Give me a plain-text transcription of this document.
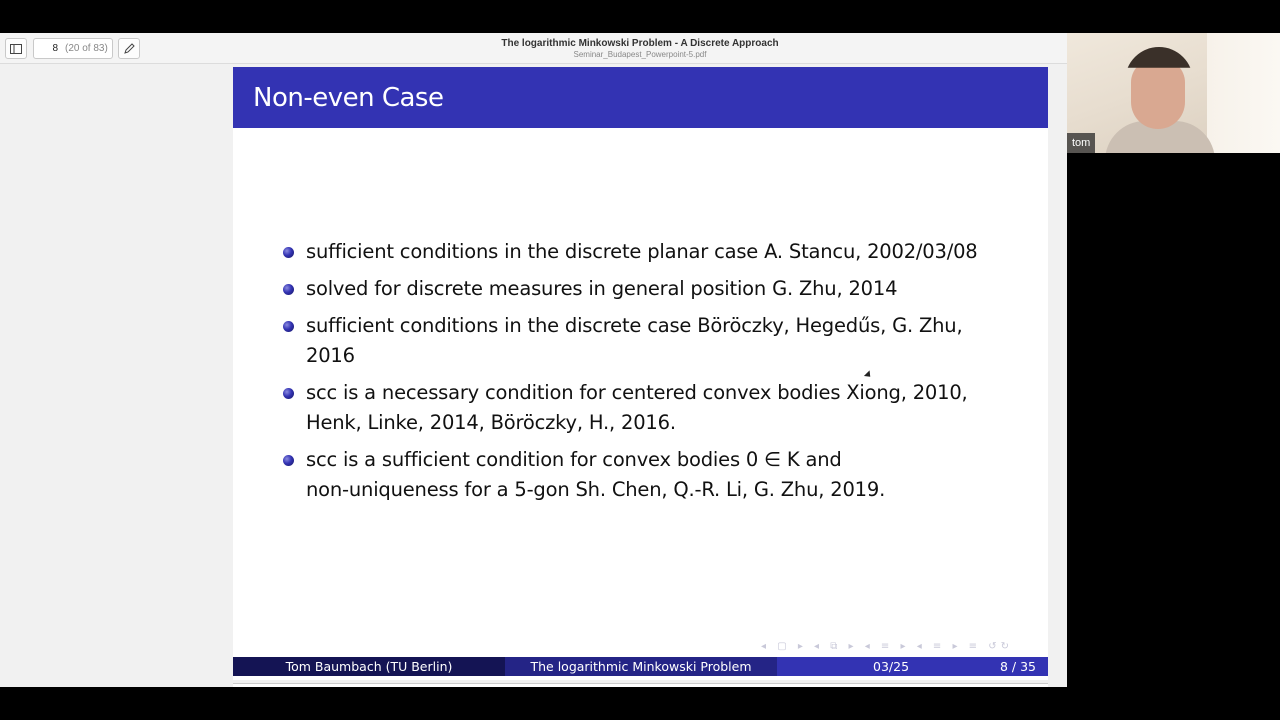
8 (20 of 83)	The logarithmic Minkowski Problem - A Discrete Approach
Seminar_Budapest_Powerpoint-5.pdf
Non-even Case
sufficient conditions in the discrete planar case A. Stancu, 2002/03/08
solved for discrete measures in general position G. Zhu, 2014
sufficient conditions in the discrete case Böröczky, Hegedűs, G. Zhu,
2016
scc is a necessary condition for centered convex bodies Xiong, 2010,
Henk, Linke, 2014, Böröczky, H., 2016.
scc is a sufficient condition for convex bodies 0 ∈ K and
non-uniqueness for a 5-gon Sh. Chen, Q.-R. Li, G. Zhu, 2019.
◂ ▢ ▸ ◂ ⧉ ▸ ◂ ≡ ▸ ◂ ≡ ▸ ≡ ↺↻
Tom Baumbach (TU Berlin)	The logarithmic Minkowski Problem	03/25	8 / 35
tom
